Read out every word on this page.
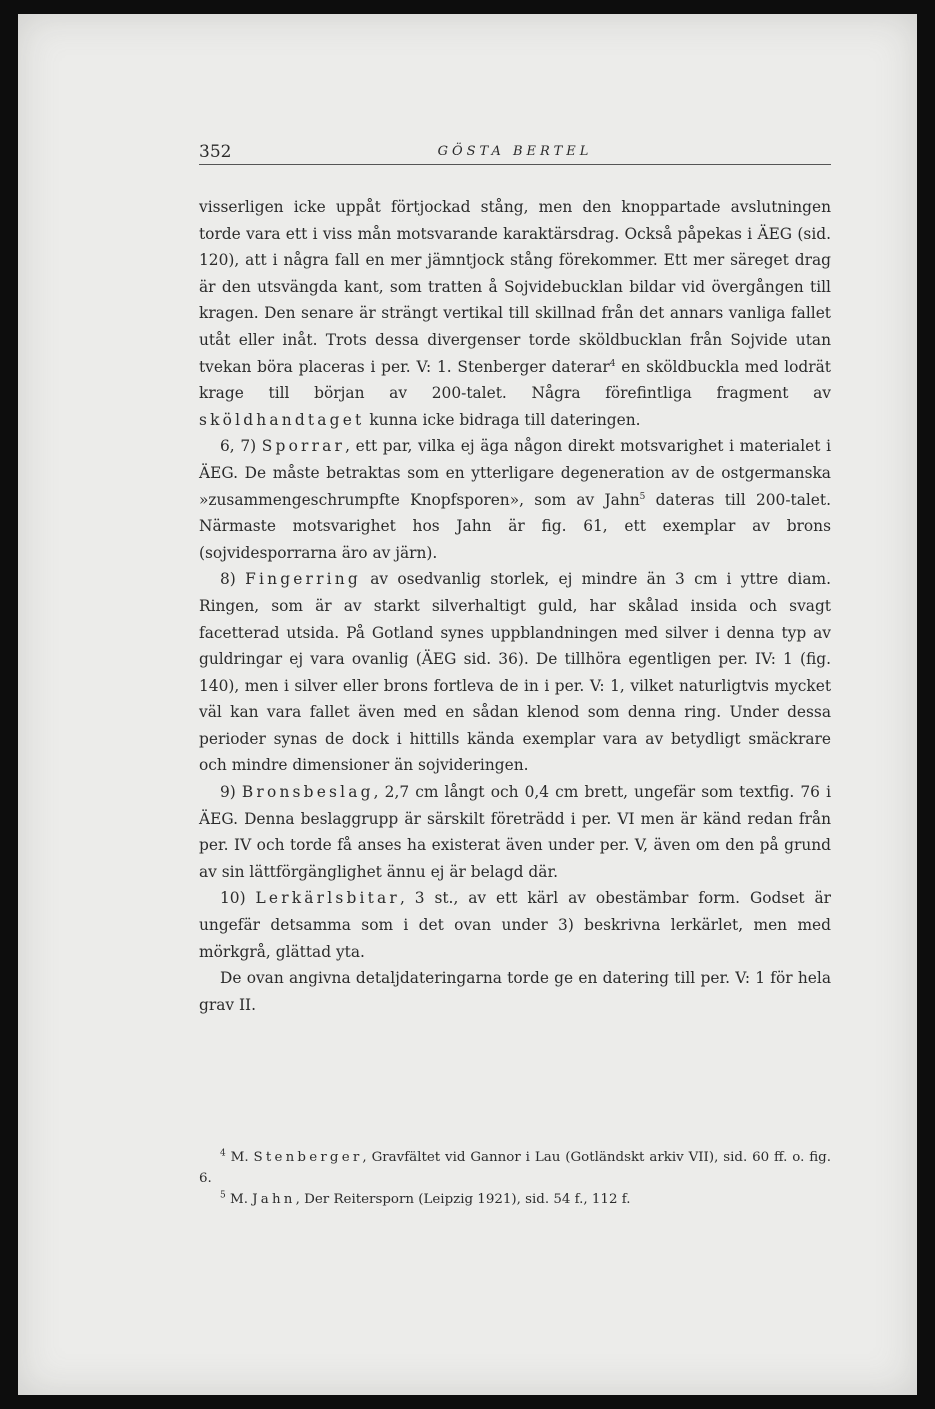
352	GÖSTA BERTEL

visserligen icke uppåt förtjockad stång, men den knoppartade avslutningen torde vara ett i viss mån motsvarande karaktärsdrag. Också påpekas i ÄEG (sid. 120), att i några fall en mer jämntjock stång förekommer. Ett mer säreget drag är den utsvängda kant, som tratten å Sojvidebucklan bildar vid övergången till kragen. Den senare är strängt vertikal till skillnad från det annars vanliga fallet utåt eller inåt. Trots dessa divergenser torde sköldbucklan från Sojvide utan tvekan böra placeras i per. V: 1. Stenberger daterar$^4$ en sköldbuckla med lodrät krage till början av 200-talet. Några förefintliga fragment av sköldhandtaget kunna icke bidraga till dateringen.

6, 7) Sporrar, ett par, vilka ej äga någon direkt motsvarighet i materialet i ÄEG. De måste betraktas som en ytterligare degeneration av de ostgermanska »zusammengeschrumpfte Knopfsporen», som av Jahn$^5$ dateras till 200-talet. Närmaste motsvarighet hos Jahn är fig. 61, ett exemplar av brons (sojvidesporrarna äro av järn).

8) Fingerring av osedvanlig storlek, ej mindre än 3 cm i yttre diam. Ringen, som är av starkt silverhaltigt guld, har skålad insida och svagt facetterad utsida. På Gotland synes uppblandningen med silver i denna typ av guldringar ej vara ovanlig (ÄEG sid. 36). De tillhöra egentligen per. IV: 1 (fig. 140), men i silver eller brons fortleva de in i per. V: 1, vilket naturligtvis mycket väl kan vara fallet även med en sådan klenod som denna ring. Under dessa perioder synas de dock i hittills kända exemplar vara av betydligt smäckrare och mindre dimensioner än sojvideringen.

9) Bronsbeslag, 2,7 cm långt och 0,4 cm brett, ungefär som textfig. 76 i ÄEG. Denna beslaggrupp är särskilt företrädd i per. VI men är känd redan från per. IV och torde få anses ha existerat även under per. V, även om den på grund av sin lättförgänglighet ännu ej är belagd där.

10) Lerkärlsbitar, 3 st., av ett kärl av obestämbar form. Godset är ungefär detsamma som i det ovan under 3) beskrivna lerkärlet, men med mörkgrå, glättad yta.

De ovan angivna detaljdateringarna torde ge en datering till per. V: 1 för hela grav II.

$^4$ M. Stenberger, Gravfältet vid Gannor i Lau (Gotländskt arkiv VII), sid. 60 ff. o. fig. 6.

$^5$ M. Jahn, Der Reitersporn (Leipzig 1921), sid. 54 f., 112 f.
